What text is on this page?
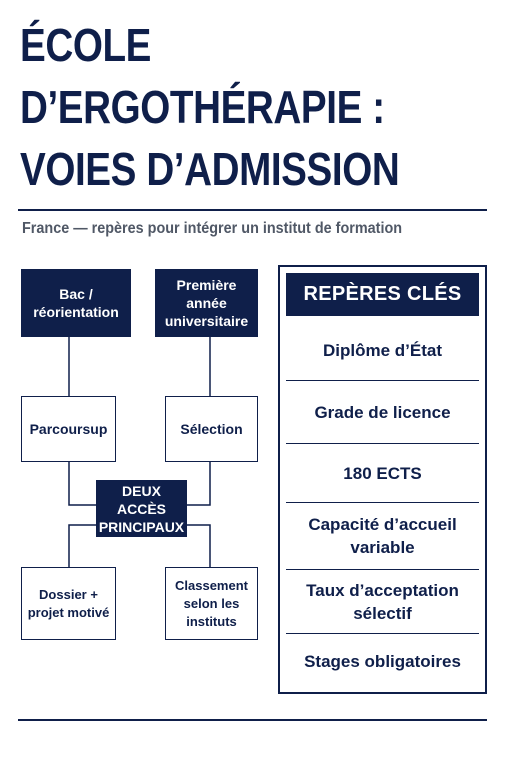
ÉCOLE
D’ERGOTHÉRAPIE :
VOIES D’ADMISSION
France — repères pour intégrer un institut de formation
Bac /
réorientation
Première année
universitaire
Parcoursup	Sélection
DEUX ACCÈS
PRINCIPAUX
Dossier +
projet motivé
Classement
selon les
instituts
REPÈRES CLÉS
Diplôme d’État
Grade de licence
180 ECTS
Capacité d’accueil
variable
Taux d’acceptation
sélectif
Stages obligatoires
